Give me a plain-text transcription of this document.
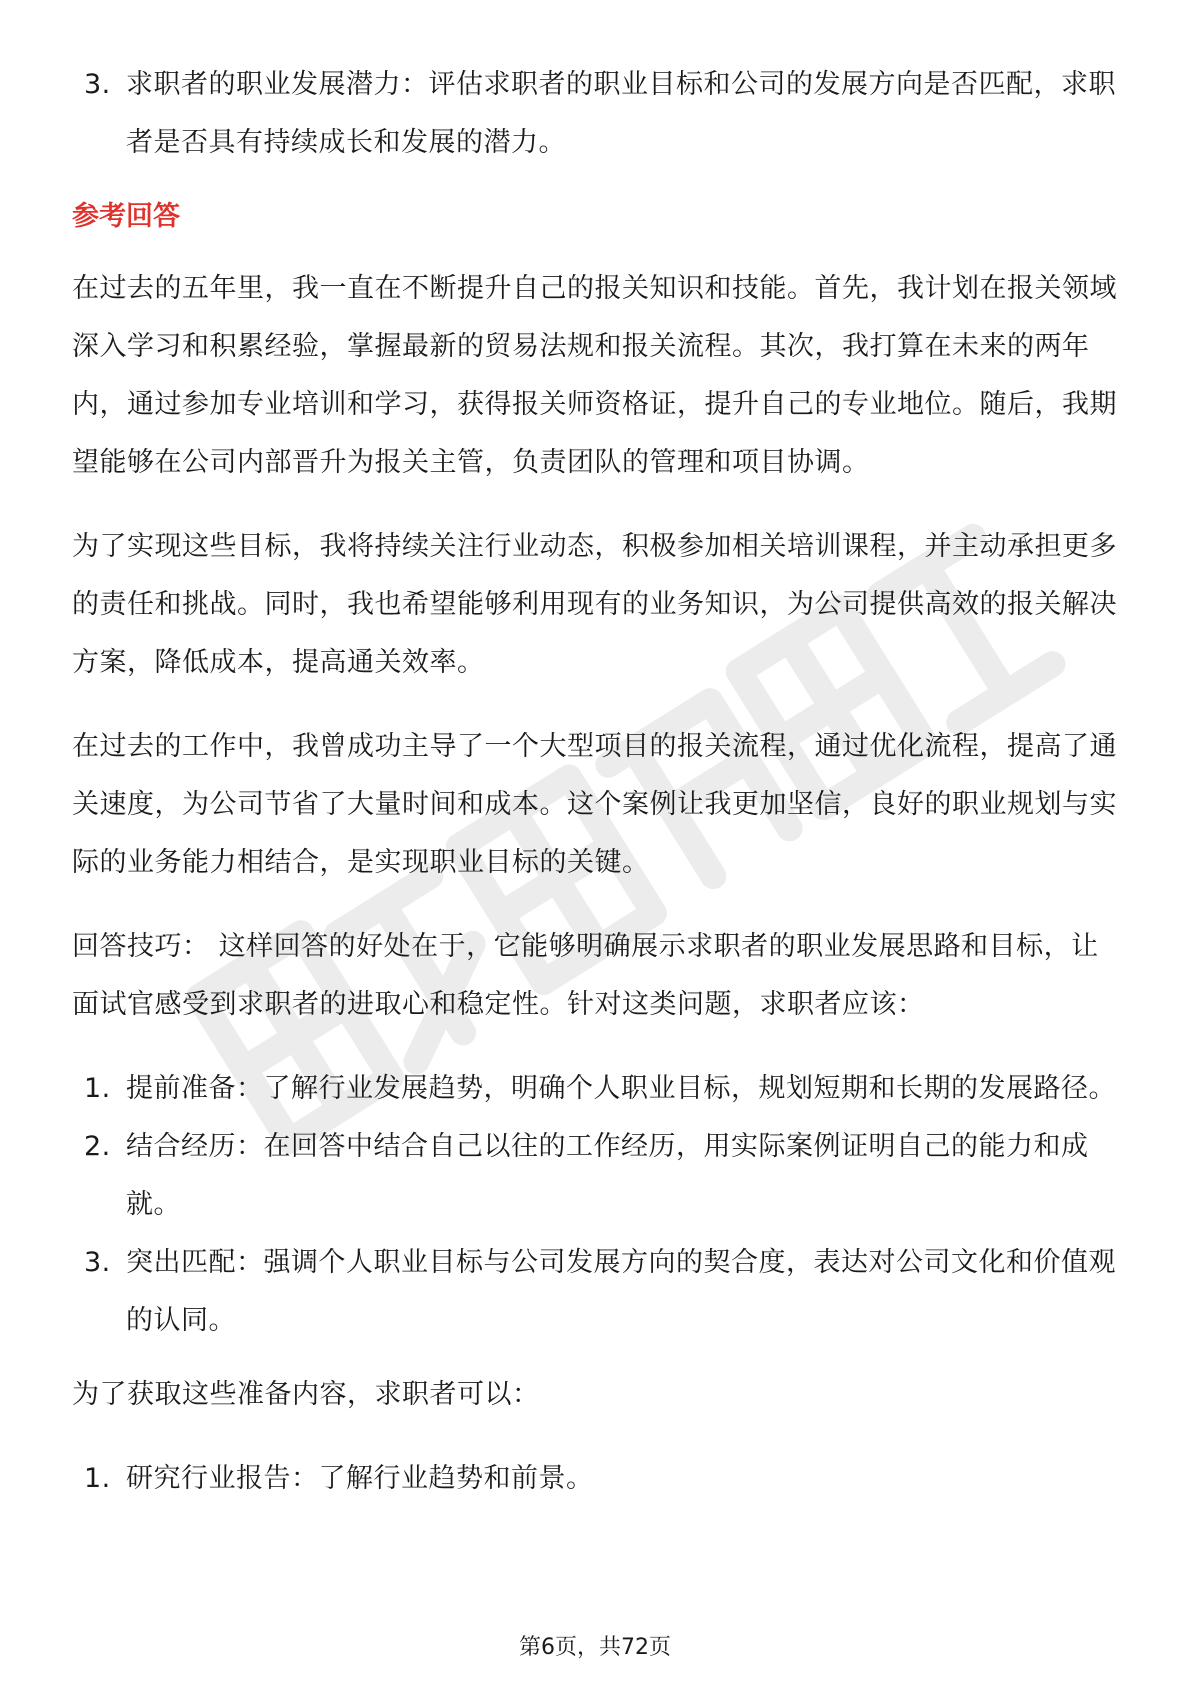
3. 求职者的职业发展潜力：评估求职者的职业目标和公司的发展方向是否匹配，求职者是否具有持续成长和发展的潜力。
参考回答

在过去的五年里，我一直在不断提升自己的报关知识和技能。首先，我计划在报关领域深入学习和积累经验，掌握最新的贸易法规和报关流程。其次，我打算在未来的两年内，通过参加专业培训和学习，获得报关师资格证，提升自己的专业地位。随后，我期望能够在公司内部晋升为报关主管，负责团队的管理和项目协调。

为了实现这些目标，我将持续关注行业动态，积极参加相关培训课程，并主动承担更多的责任和挑战。同时，我也希望能够利用现有的业务知识，为公司提供高效的报关解决方案，降低成本，提高通关效率。

在过去的工作中，我曾成功主导了一个大型项目的报关流程，通过优化流程，提高了通关速度，为公司节省了大量时间和成本。这个案例让我更加坚信，良好的职业规划与实际的业务能力相结合，是实现职业目标的关键。

回答技巧： 这样回答的好处在于，它能够明确展示求职者的职业发展思路和目标，让面试官感受到求职者的进取心和稳定性。针对这类问题，求职者应该：

1. 提前准备：了解行业发展趋势，明确个人职业目标，规划短期和长期的发展路径。
2. 结合经历：在回答中结合自己以往的工作经历，用实际案例证明自己的能力和成就。
3. 突出匹配：强调个人职业目标与公司发展方向的契合度，表达对公司文化和价值观的认同。

为了获取这些准备内容，求职者可以：

1. 研究行业报告：了解行业趋势和前景。
第6页，共72页
